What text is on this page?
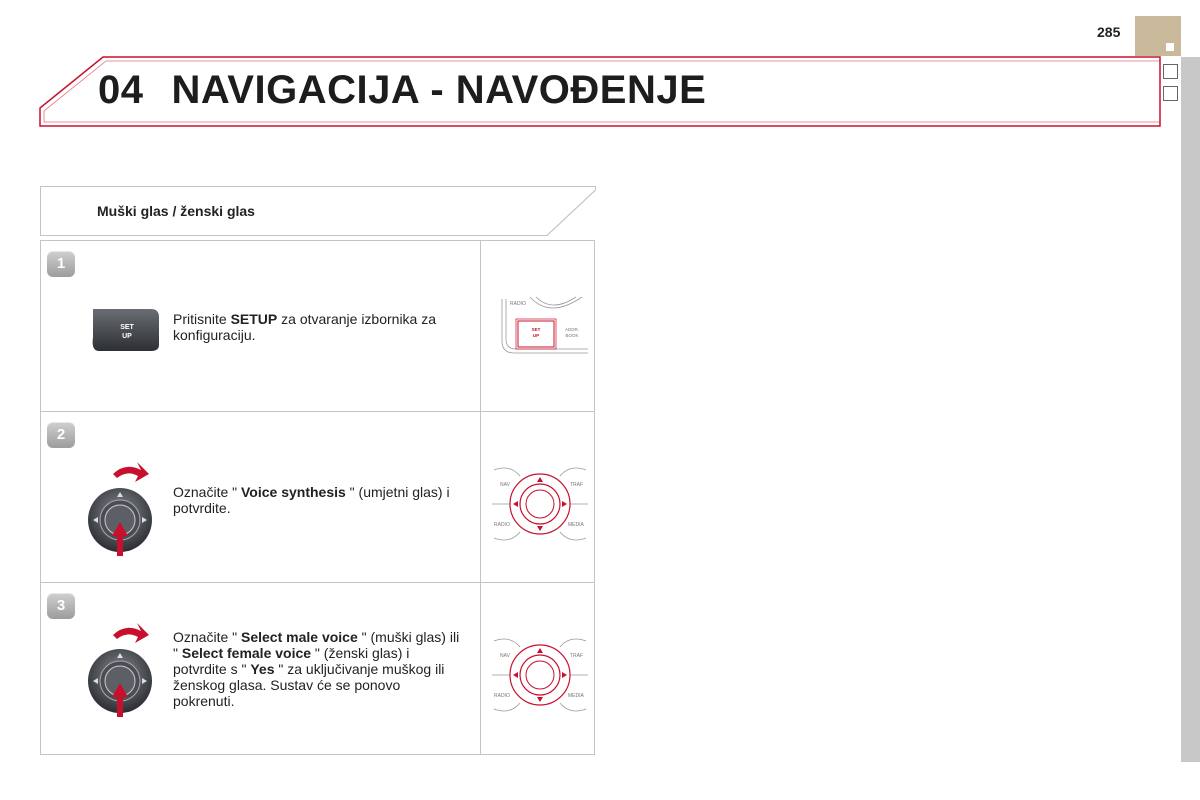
285
04 NAVIGACIJA - NAVOĐENJE
Muški glas / ženski glas
1
SET
UP
Pritisnite SETUP za otvaranje izbornika za konfiguraciju.
RADIO
SET
UP
ADDR.
BOOK
2
Označite " Voice synthesis " (umjetni glas) i potvrdite.
NAV	TRAF
RADIO	MEDIA
3
Označite " Select male voice " (muški glas) ili " Select female voice " (ženski glas) i potvrdite s " Yes " za uključivanje muškog ili ženskog glasa. Sustav će se ponovo pokrenuti.
NAV	TRAF
RADIO	MEDIA
